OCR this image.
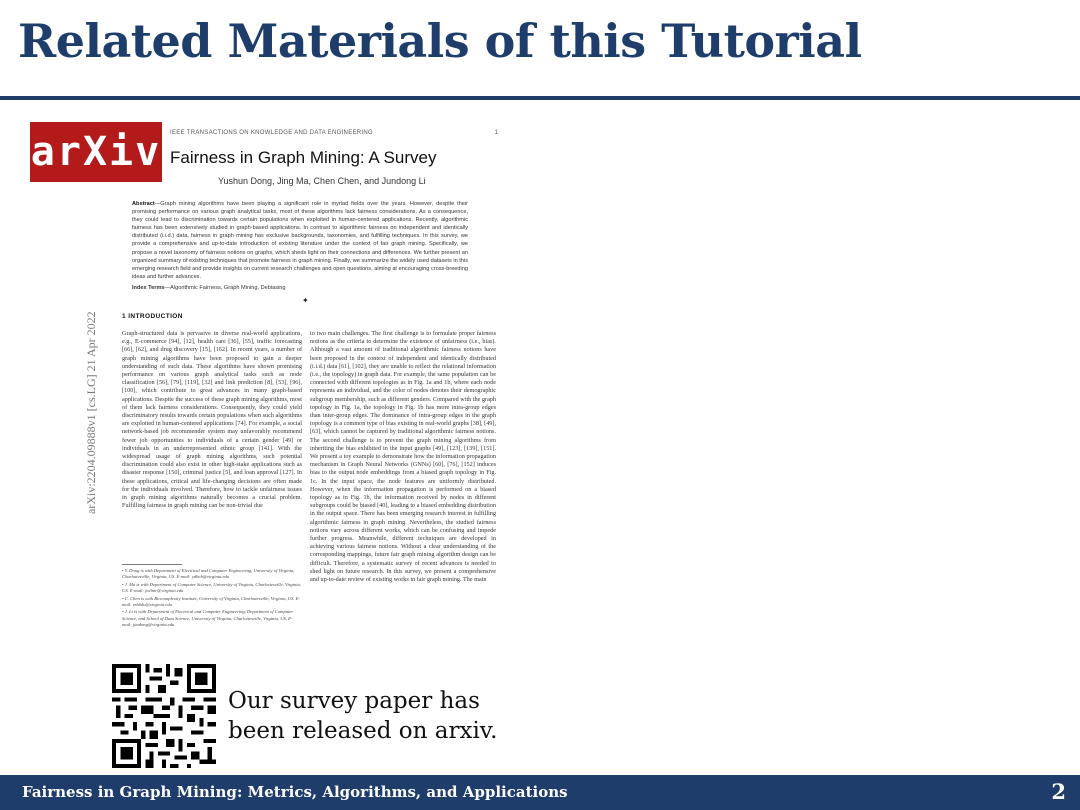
Related Materials of this Tutorial
arXiv IEEE TRANSACTIONS ON KNOWLEDGE AND DATA ENGINEERING	1
Fairness in Graph Mining: A Survey
Yushun Dong, Jing Ma, Chen Chen, and Jundong Li
Abstract—Graph mining algorithms have been playing a significant role in myriad fields over the years. However, despite their promising performance on various graph analytical tasks, most of these algorithms lack fairness considerations. As a consequence, they could lead to discrimination towards certain populations when exploited in human-centered applications. Recently, algorithmic fairness has been extensively studied in graph-based applications. In contrast to algorithmic fairness on independent and identically distributed (i.i.d.) data, fairness in graph mining has exclusive backgrounds, taxonomies, and fulfilling techniques. In this survey, we provide a comprehensive and up-to-date introduction of existing literature under the context of fair graph mining. Specifically, we propose a novel taxonomy of fairness notions on graphs, which sheds light on their connections and differences. We further present an organized summary of existing techniques that promote fairness in graph mining. Finally, we summarize the widely used datasets in this emerging research field and provide insights on current research challenges and open questions, aiming at encouraging cross-breeding ideas and further advances.
Index Terms—Algorithmic Fairness, Graph Mining, Debiasing
✦
1 INTRODUCTION
Graph-structured data is pervasive in diverse real-world applications, e.g., E-commerce [94], [12], health care [36], [55], traffic forecasting [66], [62], and drug discovery [15], [162]. In recent years, a number of graph mining algorithms have been proposed to gain a deeper understanding of such data. These algorithms have shown promising performance on various graph analytical tasks such as node classification [56], [79], [119], [32] and link prediction [8], [53], [96], [100], which contribute to great advances in many graph-based applications. Despite the success of these graph mining algorithms, most of them lack fairness considerations. Consequently, they could yield discriminatory results towards certain populations when such algorithms are exploited in human-centered applications [74]. For example, a social network-based job recommender system may unfavorably recommend fewer job opportunities to individuals of a certain gender [49] or individuals in an underrepresented ethnic group [141]. With the widespread usage of graph mining algorithms, such potential discrimination could also exist in other high-stake applications such as disaster response [150], criminal justice [5], and loan approval [127]. In these applications, critical and life-changing decisions are often made for the individuals involved. Therefore, how to tackle unfairness issues in graph mining algorithms naturally becomes a crucial problem. Fulfilling fairness in graph mining can be non-trivial due
to two main challenges. The first challenge is to formulate proper fairness notions as the criteria to determine the existence of unfairness (i.e., bias). Although a vast amount of traditional algorithmic fairness notions have been proposed in the context of independent and identically distributed (i.i.d.) data [61], [102], they are unable to reflect the relational information (i.e., the topology) in graph data. For example, the same population can be connected with different topologies as in Fig. 1a and 1b, where each node represents an individual, and the color of nodes denotes their demographic subgroup membership, such as different genders. Compared with the graph topology in Fig. 1a, the topology in Fig. 1b has more intra-group edges than inter-group edges. The dominance of intra-group edges in the graph topology is a common type of bias existing in real-world graphs [38], [49], [63], which cannot be captured by traditional algorithmic fairness notions. The second challenge is to prevent the graph mining algorithms from inheriting the bias exhibited in the input graphs [49], [123], [139], [151]. We present a toy example to demonstrate how the information propagation mechanism in Graph Neural Networks (GNNs) [60], [76], [152] induces bias to the output node embeddings from a biased graph topology in Fig. 1c. In the input space, the node features are uniformly distributed. However, when the information propagation is performed on a biased topology as in Fig. 1b, the information received by nodes in different subgroups could be biased [40], leading to a biased embedding distribution in the output space. There has been emerging research interest in fulfilling algorithmic fairness in graph mining. Nevertheless, the studied fairness notions vary across different works, which can be confusing and impede further progress. Meanwhile, different techniques are developed in achieving various fairness notions. Without a clear understanding of the corresponding mappings, future fair graph mining algorithm design can be difficult. Therefore, a systematic survey of recent advances is needed to shed light on future research. In this survey, we present a comprehensive and up-to-date review of existing works in fair graph mining. The main

• Y. Dong is with Department of Electrical and Computer Engineering, University of Virginia, Charlottesville, Virginia, US. E-mail: yd6eb@virginia.edu

• J. Ma is with Department of Computer Science, University of Virginia, Charlottesville, Virginia, US. E-mail: jm3mr@virginia.edu

• C. Chen is with Biocomplexity Institute, University of Virginia, Charlottesville, Virginia, US. E-mail: zrh6du@virginia.edu

• J. Li is with Department of Electrical and Computer Engineering, Department of Computer Science, and School of Data Science, University of Virginia, Charlottesville, Virginia, US. E-mail: jundong@virginia.edu

arXiv:2204.09888v1 [cs.LG] 21 Apr 2022
Our survey paper has
been released on arxiv.
Fairness in Graph Mining: Metrics, Algorithms, and Applications	2
